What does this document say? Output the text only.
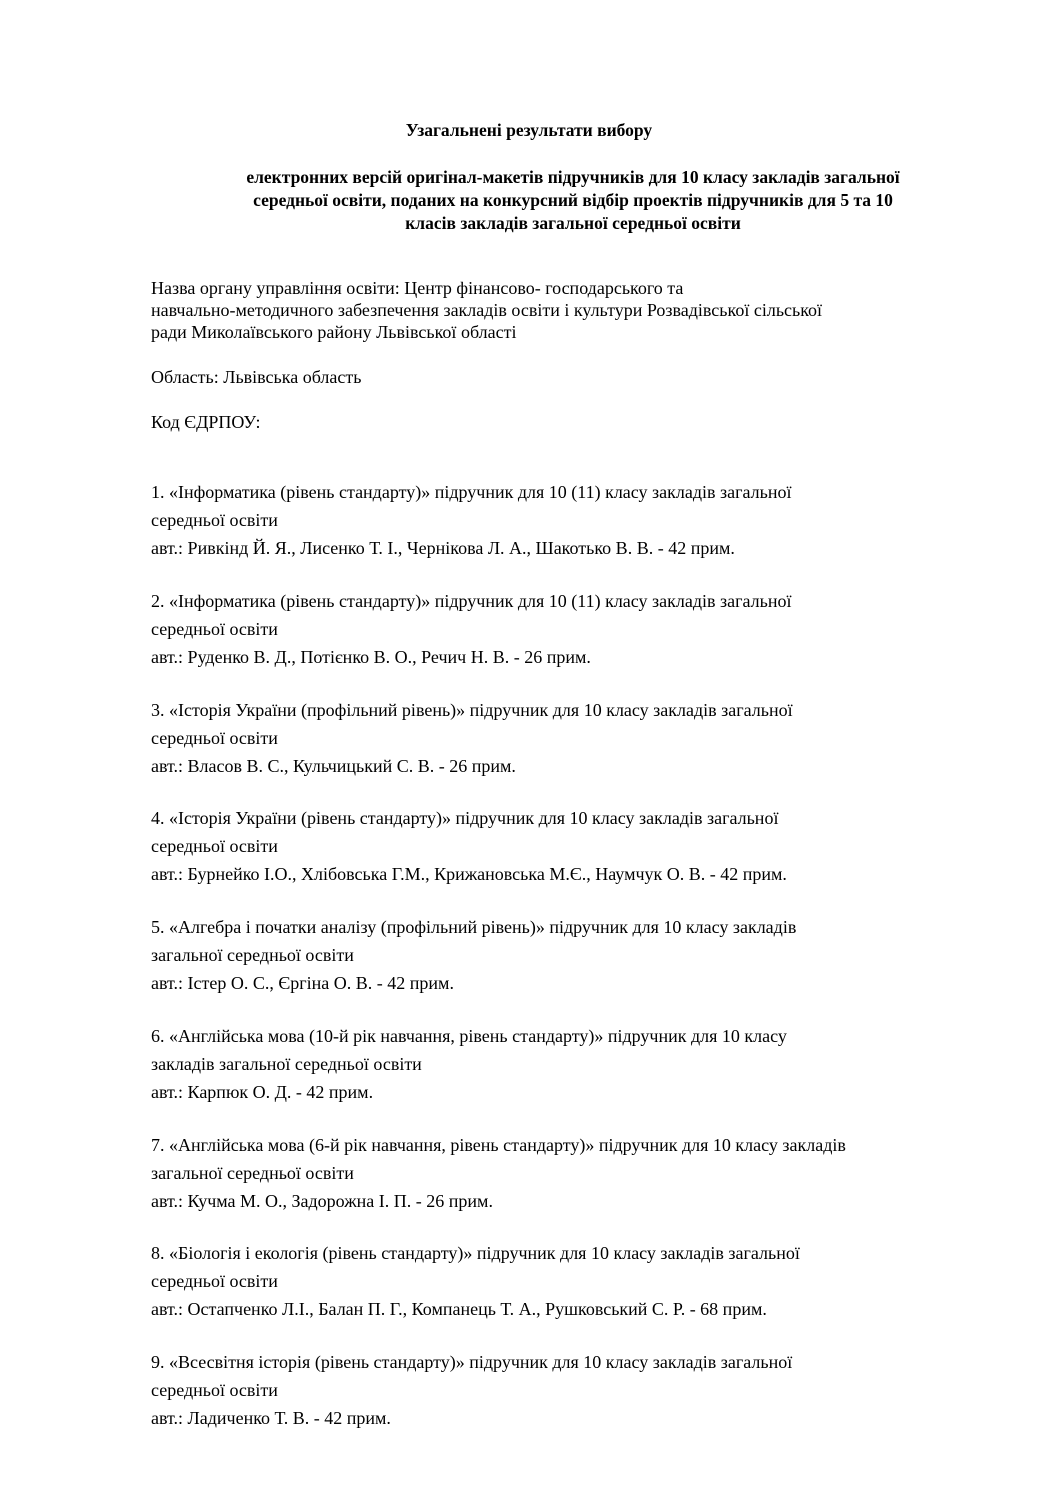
Узагальнені результати вибору
електронних версій оригінал-макетів підручників для 10 класу закладів загальної
середньої освіти, поданих на конкурсний відбір проектів підручників для 5 та 10
класів закладів загальної середньої освіти
Назва органу управління освіти: Центр фінансово- господарського та
навчально-методичного забезпечення закладів освіти і культури Розвадівської сільської
ради Миколаївського району Львівської області
Область: Львівська область
Код ЄДРПОУ:
1. «Інформатика (рівень стандарту)» підручник для 10 (11) класу закладів загальної
середньої освіти
авт.: Ривкінд Й. Я., Лисенко Т. І., Чернікова Л. А., Шакотько В. В. - 42 прим.
2. «Інформатика (рівень стандарту)» підручник для 10 (11) класу закладів загальної
середньої освіти
авт.: Руденко В. Д., Потієнко В. О., Речич Н. В. - 26 прим.
3. «Історія України (профільний рівень)» підручник для 10 класу закладів загальної
середньої освіти
авт.: Власов В. С., Кульчицький С. В. - 26 прим.
4. «Історія України (рівень стандарту)» підручник для 10 класу закладів загальної
середньої освіти
авт.: Бурнейко І.О., Хлібовська Г.М., Крижановська М.Є., Наумчук О. В. - 42 прим.
5. «Алгебра і початки аналізу (профільний рівень)» підручник для 10 класу закладів
загальної середньої освіти
авт.: Істер О. С., Єргіна О. В. - 42 прим.
6. «Англійська мова (10-й рік навчання, рівень стандарту)» підручник для 10 класу
закладів загальної середньої освіти
авт.: Карпюк О. Д. - 42 прим.
7. «Англійська мова (6-й рік навчання, рівень стандарту)» підручник для 10 класу закладів
загальної середньої освіти
авт.: Кучма М. О., Задорожна І. П. - 26 прим.
8. «Біологія і екологія (рівень стандарту)» підручник для 10 класу закладів загальної
середньої освіти
авт.: Остапченко Л.І., Балан П. Г., Компанець Т. А., Рушковський С. Р. - 68 прим.
9. «Всесвітня історія (рівень стандарту)» підручник для 10 класу закладів загальної
середньої освіти
авт.: Ладиченко Т. В. - 42 прим.
